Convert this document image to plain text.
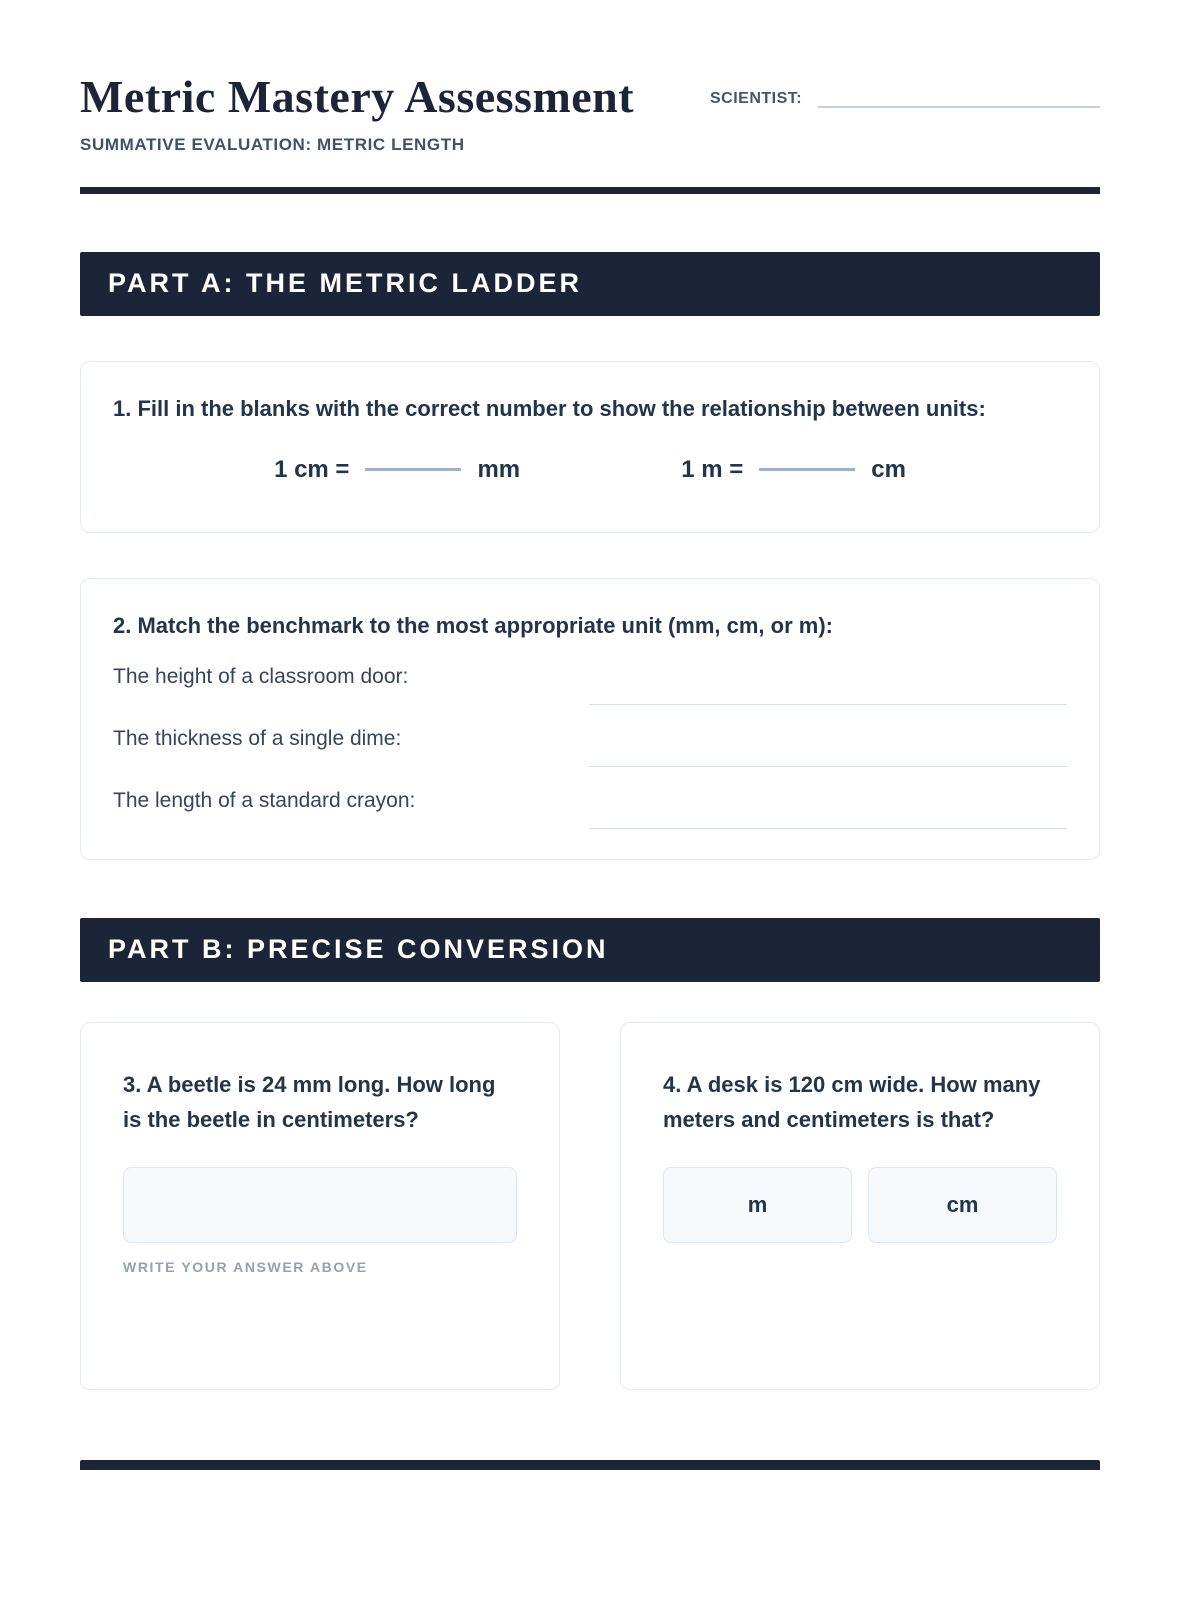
Metric Mastery Assessment
SUMMATIVE EVALUATION: METRIC LENGTH
SCIENTIST:
PART A: THE METRIC LADDER
1. Fill in the blanks with the correct number to show the relationship between units:
1 cm =	mm	1 m =	cm
2. Match the benchmark to the most appropriate unit (mm, cm, or m):
The height of a classroom door:
The thickness of a single dime:
The length of a standard crayon:
PART B: PRECISE CONVERSION
3. A beetle is 24 mm long. How long is the beetle in centimeters?
WRITE YOUR ANSWER ABOVE
4. A desk is 120 cm wide. How many meters and centimeters is that?
m	cm
